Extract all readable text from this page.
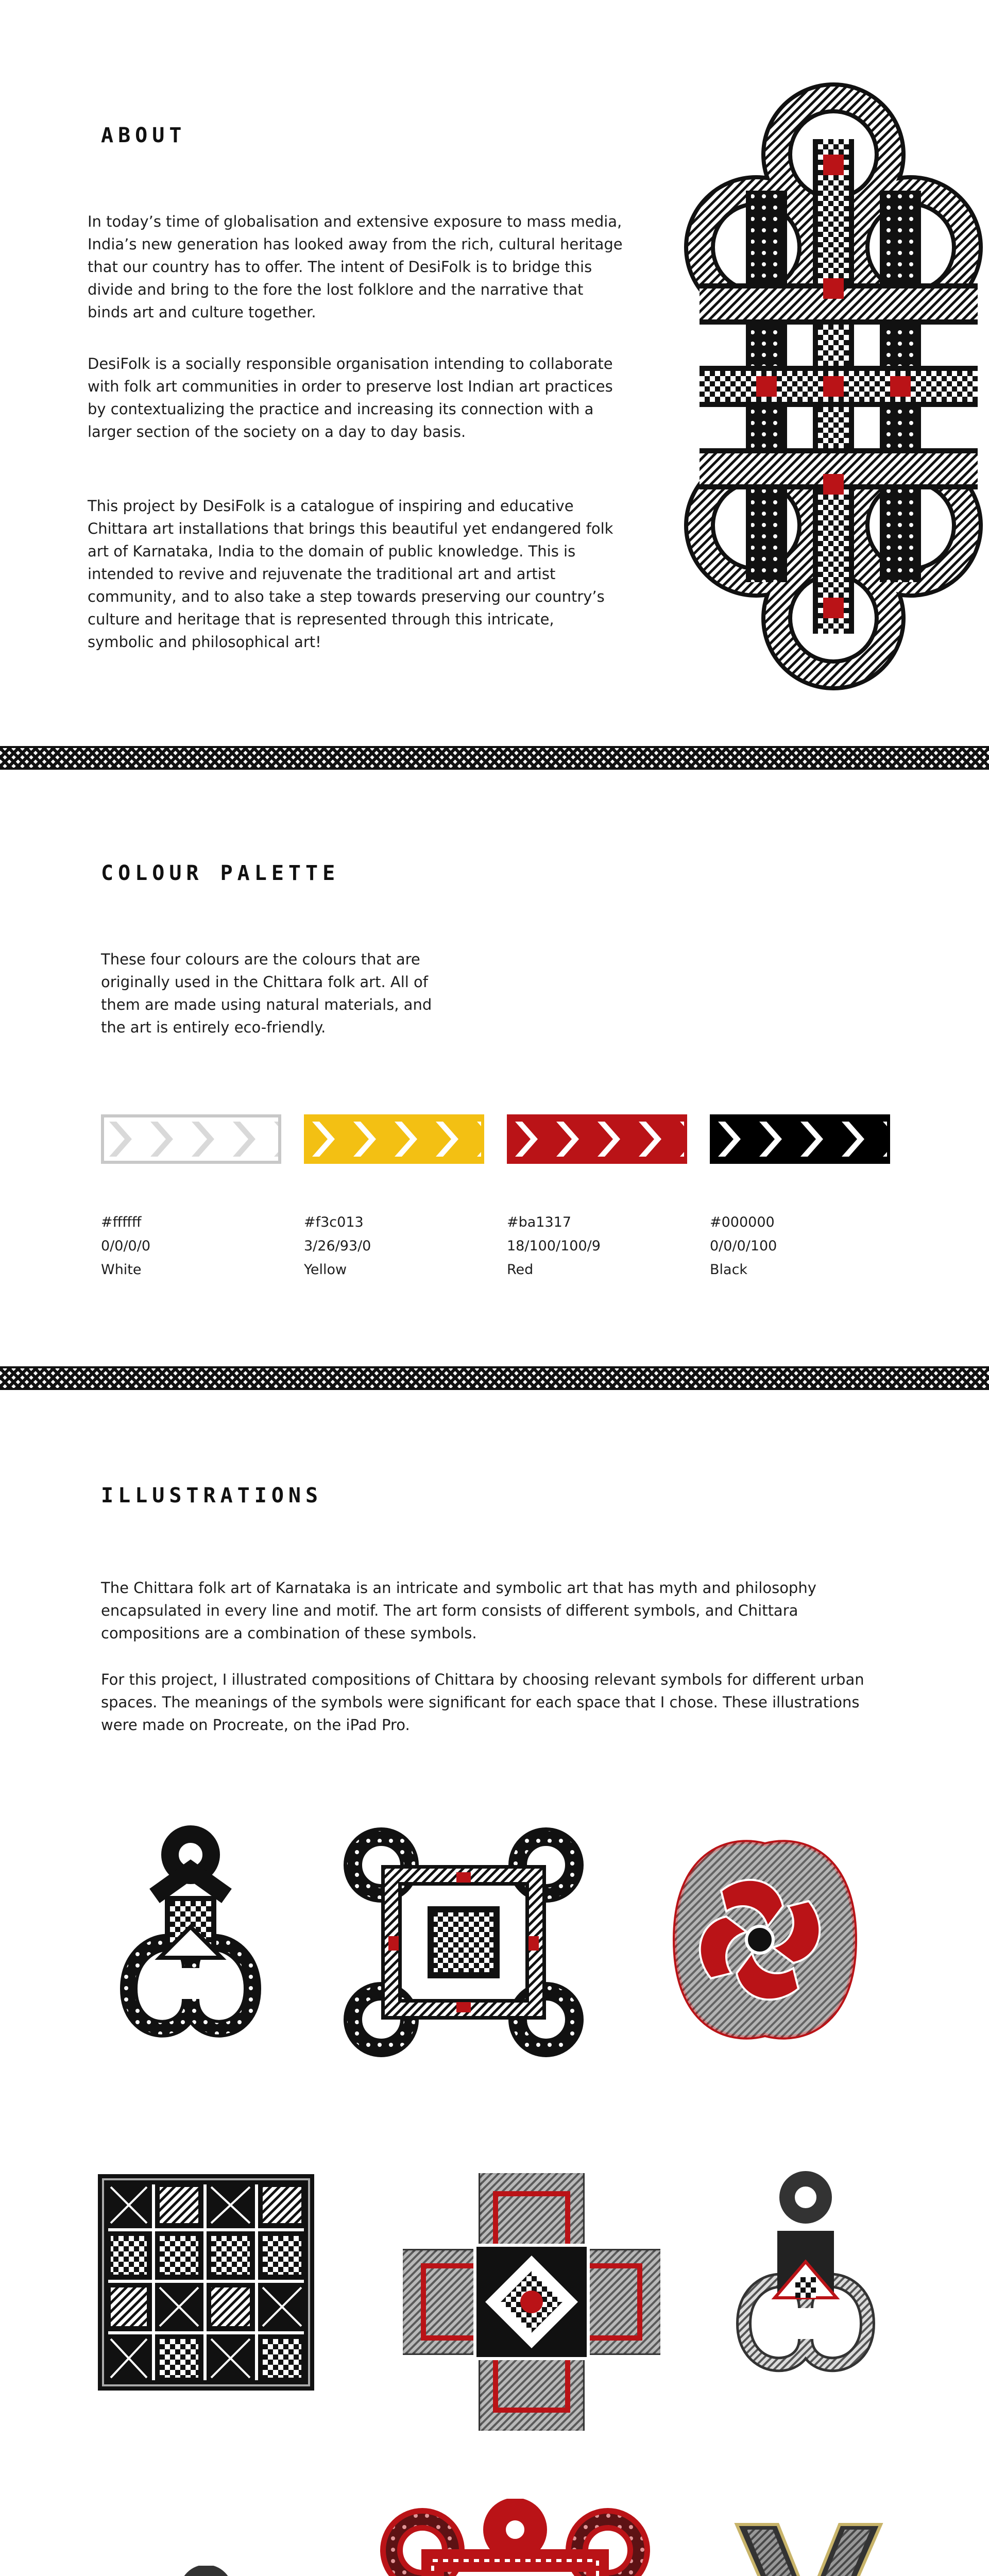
ABOUT

In today’s time of globalisation and extensive exposure to mass media, India’s new generation has looked away from the rich, cultural heritage that our country has to offer. The intent of DesiFolk is to bridge this divide and bring to the fore the lost folklore and the narrative that binds art and culture together.

DesiFolk is a socially responsible organisation intending to collaborate with folk art communities in order to preserve lost Indian art practices by contextualizing the practice and increasing its connection with a larger section of the society on a day to day basis.

This project by DesiFolk is a catalogue of inspiring and educative Chittara art installations that brings this beautiful yet endangered folk art of Karnataka, India to the domain of public knowledge. This is intended to revive and rejuvenate the traditional art and artist community, and to also take a step towards preserving our country’s culture and heritage that is represented through this intricate, symbolic and philosophical art!

COLOUR PALETTE

These four colours are the colours that are originally used in the Chittara folk art. All of them are made using natural materials, and the art is entirely eco-friendly.

#ffffff
0/0/0/0
White
#f3c013
3/26/93/0
Yellow
#ba1317
18/100/100/9
Red
#000000
0/0/0/100
Black
ILLUSTRATIONS

The Chittara folk art of Karnataka is an intricate and symbolic art that has myth and philosophy encapsulated in every line and motif. The art form consists of different symbols, and Chittara compositions are a combination of these symbols.

For this project, I illustrated compositions of Chittara by choosing relevant symbols for different urban spaces. The meanings of the symbols were significant for each space that I chose. These illustrations were made on Procreate, on the iPad Pro.
